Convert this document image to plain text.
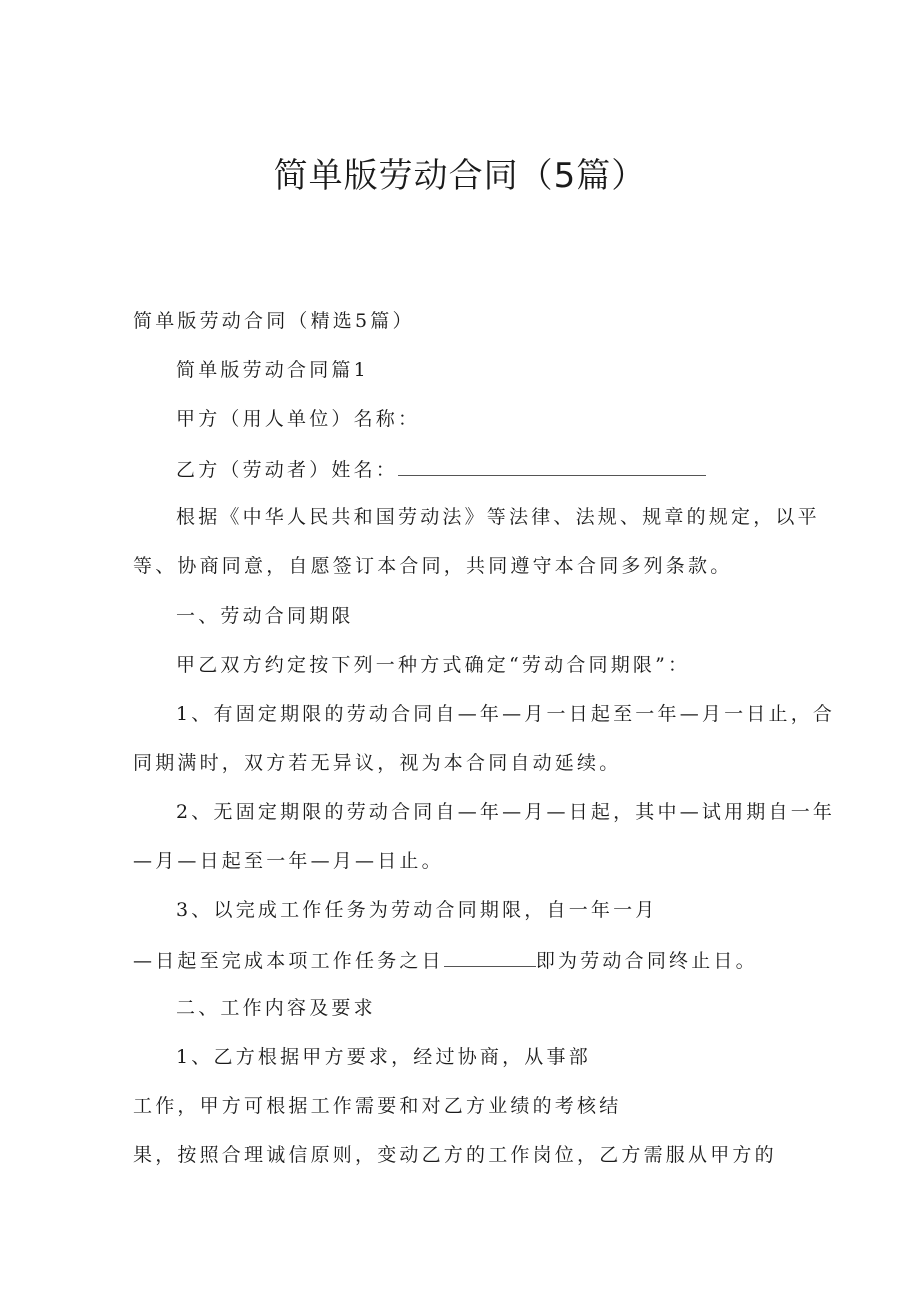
简单版劳动合同（5篇）
简单版劳动合同（精选5篇）
简单版劳动合同篇1
甲方（用人单位）名称：
乙方（劳动者）姓名：
根据《中华人民共和国劳动法》等法律、法规、规章的规定，以平
等、协商同意，自愿签订本合同，共同遵守本合同多列条款。
一、劳动合同期限
甲乙双方约定按下列一种方式确定“劳动合同期限”：
1、有固定期限的劳动合同自—年—月一日起至一年—月一日止，合
同期满时，双方若无异议，视为本合同自动延续。
2、无固定期限的劳动合同自—年—月—日起，其中—试用期自一年
—月—日起至一年—月—日止。
3、以完成工作任务为劳动合同期限，自一年一月
—日起至完成本项工作任务之日	即为劳动合同终止日。
二、工作内容及要求
1、乙方根据甲方要求，经过协商，从事部
工作，甲方可根据工作需要和对乙方业绩的考核结
果，按照合理诚信原则，变动乙方的工作岗位，乙方需服从甲方的
